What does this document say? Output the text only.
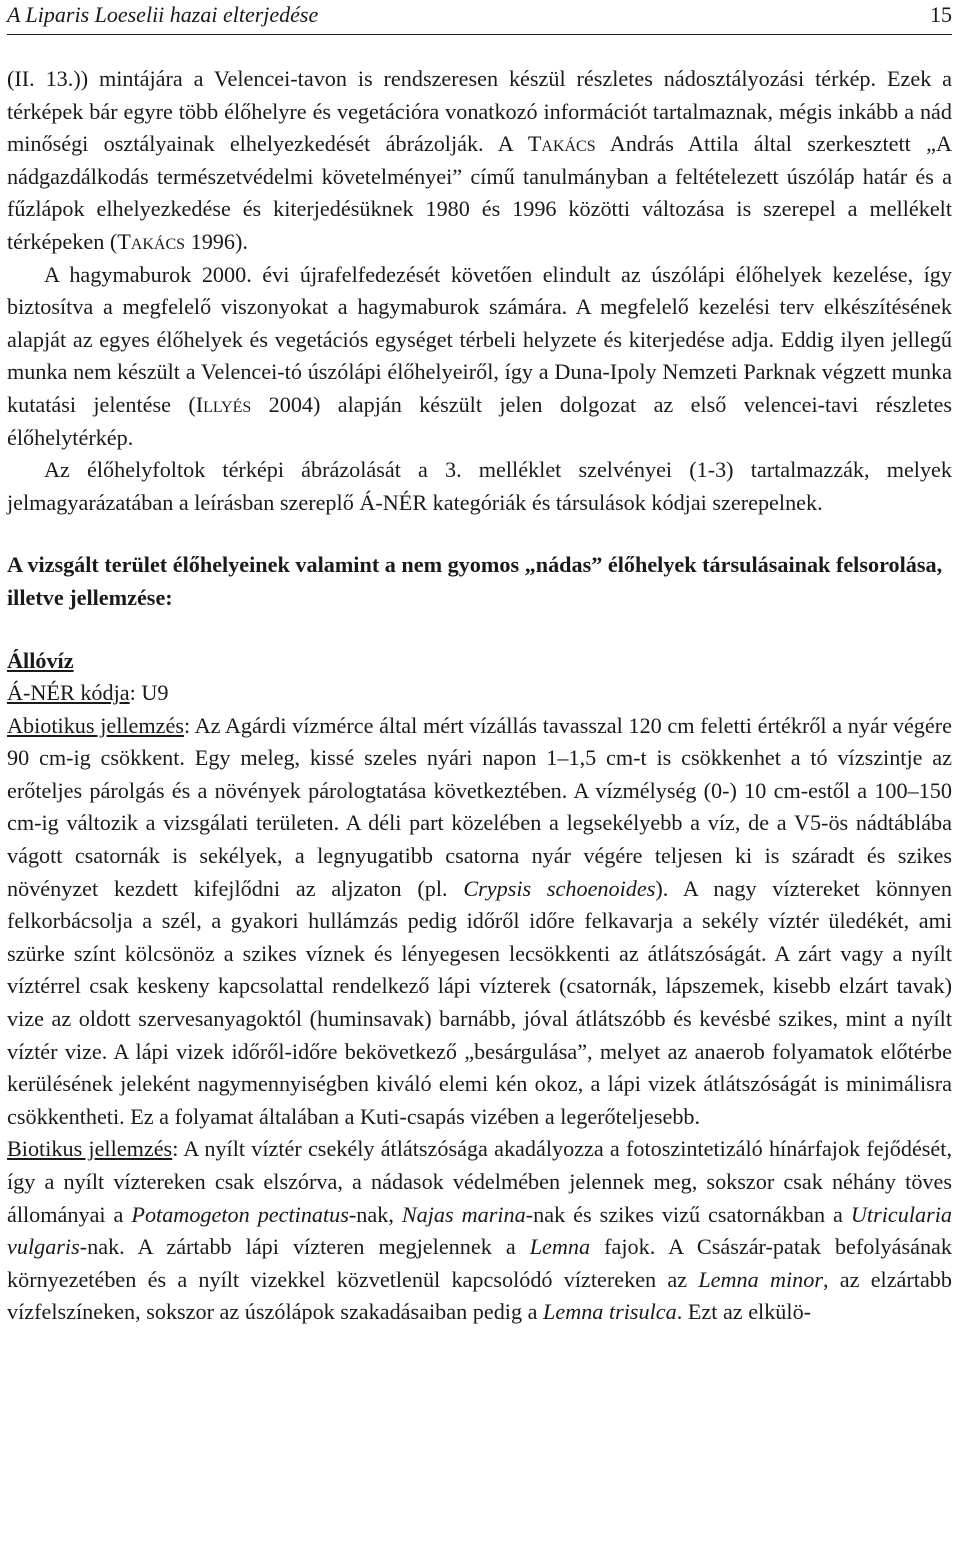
A Liparis Loeselii hazai elterjedése	15

(II. 13.)) mintájára a Velencei-tavon is rendszeresen készül részletes nádosztályozási térkép. Ezek a térképek bár egyre több élőhelyre és vegetációra vonatkozó információt tartalmaznak, mégis inkább a nád minőségi osztályainak elhelyezkedését ábrázolják. A Takács András Attila által szerkesztett „A nádgazdálkodás természetvédelmi követelményei” című tanulmányban a feltételezett úszóláp határ és a fűzlápok elhelyezkedése és kiterjedésüknek 1980 és 1996 közötti változása is szerepel a mellékelt térképeken (Takács 1996).

A hagymaburok 2000. évi újrafelfedezését követően elindult az úszólápi élőhelyek kezelése, így biztosítva a megfelelő viszonyokat a hagymaburok számára. A megfelelő kezelési terv elkészítésének alapját az egyes élőhelyek és vegetációs egységet térbeli helyzete és kiterjedése adja. Eddig ilyen jellegű munka nem készült a Velencei-tó úszólápi élőhelyeiről, így a Duna-Ipoly Nemzeti Parknak végzett munka kutatási jelentése (Illyés 2004) alapján készült jelen dolgozat az első velencei-tavi részletes élőhelytérkép.

Az élőhelyfoltok térképi ábrázolását a 3. melléklet szelvényei (1-3) tartalmazzák, melyek jelmagyarázatában a leírásban szereplő Á-NÉR kategóriák és társulások kódjai szerepelnek.

A vizsgált terület élőhelyeinek valamint a nem gyomos „nádas” élőhelyek társulásainak felsorolása, illetve jellemzése:

Állóvíz

Á-NÉR kódja: U9

Abiotikus jellemzés: Az Agárdi vízmérce által mért vízállás tavasszal 120 cm feletti értékről a nyár végére 90 cm-ig csökkent. Egy meleg, kissé szeles nyári napon 1–1,5 cm-t is csökkenhet a tó vízszintje az erőteljes párolgás és a növények párologtatása következtében. A vízmélység (0-) 10 cm-estől a 100–150 cm-ig változik a vizsgálati területen. A déli part közelében a legsekélyebb a víz, de a V5-ös nádtáblába vágott csatornák is sekélyek, a legnyugatibb csatorna nyár végére teljesen ki is száradt és szikes növényzet kezdett kifejlődni az aljzaton (pl. Crypsis schoenoides). A nagy víztereket könnyen felkorbácsolja a szél, a gyakori hullámzás pedig időről időre felkavarja a sekély víztér üledékét, ami szürke színt kölcsönöz a szikes víznek és lényegesen lecsökkenti az átlátszóságát. A zárt vagy a nyílt víztérrel csak keskeny kapcsolattal rendelkező lápi vízterek (csatornák, lápszemek, kisebb elzárt tavak) vize az oldott szervesanyagoktól (huminsavak) barnább, jóval átlátszóbb és kevésbé szikes, mint a nyílt víztér vize. A lápi vizek időről-időre bekövetkező „besárgulása”, melyet az anaerob folyamatok előtérbe kerülésének jeleként nagymennyiségben kiváló elemi kén okoz, a lápi vizek átlátszóságát is minimálisra csökkentheti. Ez a folyamat általában a Kuti-csapás vizében a legerőteljesebb.

Biotikus jellemzés: A nyílt víztér csekély átlátszósága akadályozza a fotoszintetizáló hínárfajok fejődését, így a nyílt víztereken csak elszórva, a nádasok védelmében jelennek meg, sokszor csak néhány töves állományai a Potamogeton pectinatus-nak, Najas marina-nak és szikes vizű csatornákban a Utricularia vulgaris-nak. A zártabb lápi vízteren megjelennek a Lemna fajok. A Császár-patak befolyásának környezetében és a nyílt vizekkel közvetlenül kapcsolódó víztereken az Lemna minor, az elzártabb vízfelszíneken, sokszor az úszólápok szakadásaiban pedig a Lemna trisulca. Ezt az elkülö-
